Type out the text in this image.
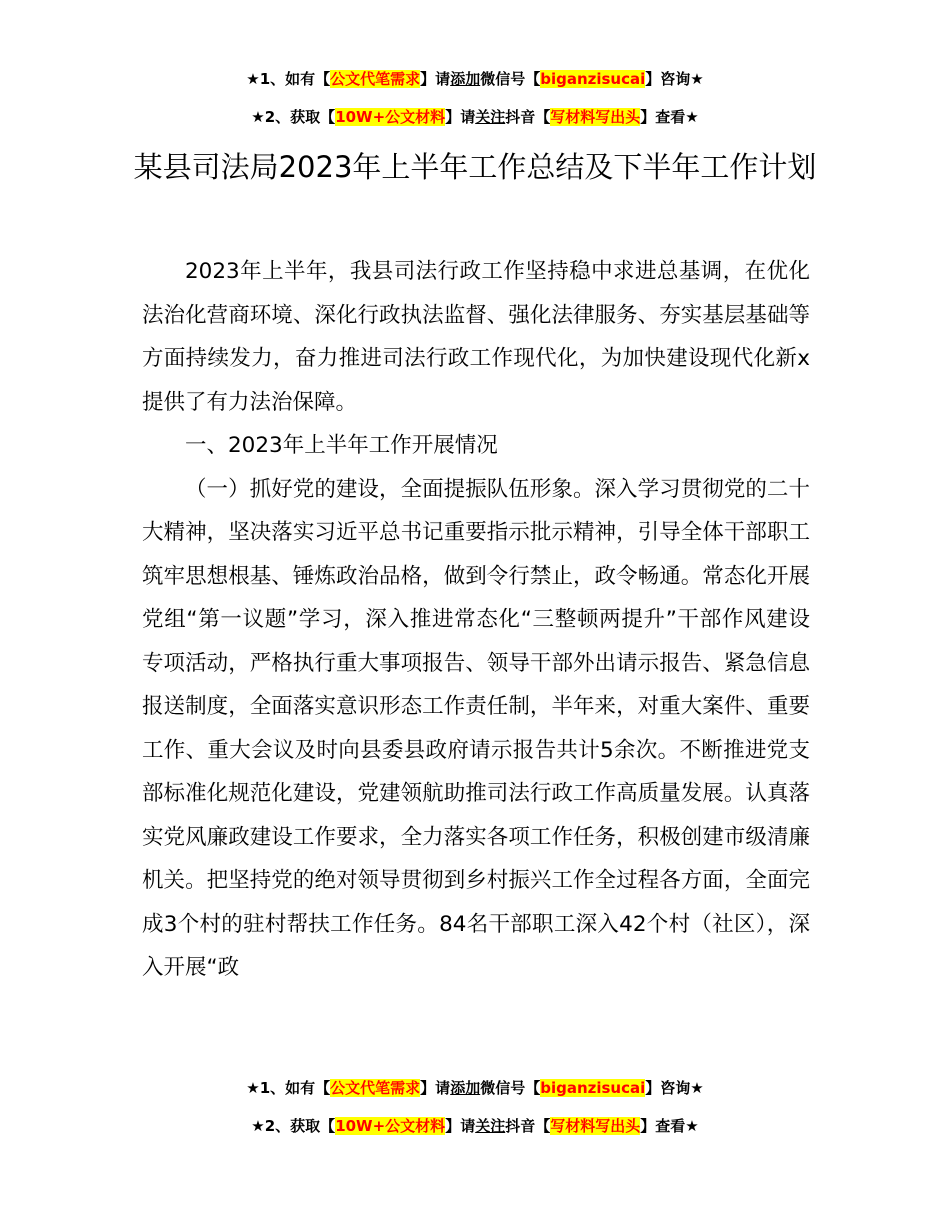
★1、如有【公文代笔需求】请添加微信号【biganzisucai】咨询★
★2、获取【10W+公文材料】请关注抖音【写材料写出头】查看★
某县司法局2023年上半年工作总结及下半年工作计划

2023年上半年，我县司法行政工作坚持稳中求进总基调，在优化法治化营商环境、深化行政执法监督、强化法律服务、夯实基层基础等方面持续发力，奋力推进司法行政工作现代化，为加快建设现代化新x提供了有力法治保障。

一、2023年上半年工作开展情况

（一）抓好党的建设，全面提振队伍形象。深入学习贯彻党的二十大精神，坚决落实习近平总书记重要指示批示精神，引导全体干部职工筑牢思想根基、锤炼政治品格，做到令行禁止，政令畅通。常态化开展党组“第一议题”学习，深入推进常态化“三整顿两提升”干部作风建设专项活动，严格执行重大事项报告、领导干部外出请示报告、紧急信息报送制度，全面落实意识形态工作责任制，半年来，对重大案件、重要工作、重大会议及时向县委县政府请示报告共计5余次。不断推进党支部标准化规范化建设，党建领航助推司法行政工作高质量发展。认真落实党风廉政建设工作要求，全力落实各项工作任务，积极创建市级清廉机关。把坚持党的绝对领导贯彻到乡村振兴工作全过程各方面，全面完成3个村的驻村帮扶工作任务。84名干部职工深入42个村（社区），深入开展“政

★1、如有【公文代笔需求】请添加微信号【biganzisucai】咨询★
★2、获取【10W+公文材料】请关注抖音【写材料写出头】查看★
